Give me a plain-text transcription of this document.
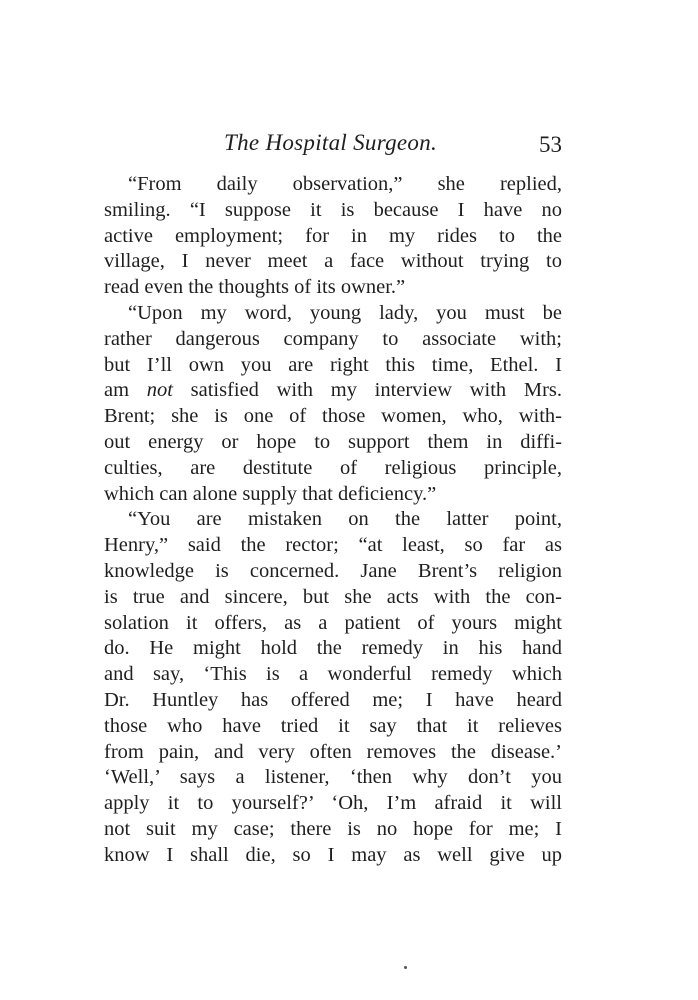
The Hospital Surgeon.	53
“From daily observation,” she replied,
smiling. “I suppose it is because I have no
active employment; for in my rides to the
village, I never meet a face without trying to
read even the thoughts of its owner.”
“Upon my word, young lady, you must be
rather dangerous company to associate with;
but I’ll own you are right this time, Ethel. I
am not satisfied with my interview with Mrs.
Brent; she is one of those women, who, with-
out energy or hope to support them in diffi-
culties, are destitute of religious principle,
which can alone supply that deficiency.”
“You are mistaken on the latter point,
Henry,” said the rector; “at least, so far as
knowledge is concerned. Jane Brent’s religion
is true and sincere, but she acts with the con-
solation it offers, as a patient of yours might
do. He might hold the remedy in his hand
and say, ‘This is a wonderful remedy which
Dr. Huntley has offered me; I have heard
those who have tried it say that it relieves
from pain, and very often removes the disease.’
‘Well,’ says a listener, ‘then why don’t you
apply it to yourself?’ ‘Oh, I’m afraid it will
not suit my case; there is no hope for me; I
know I shall die, so I may as well give up
